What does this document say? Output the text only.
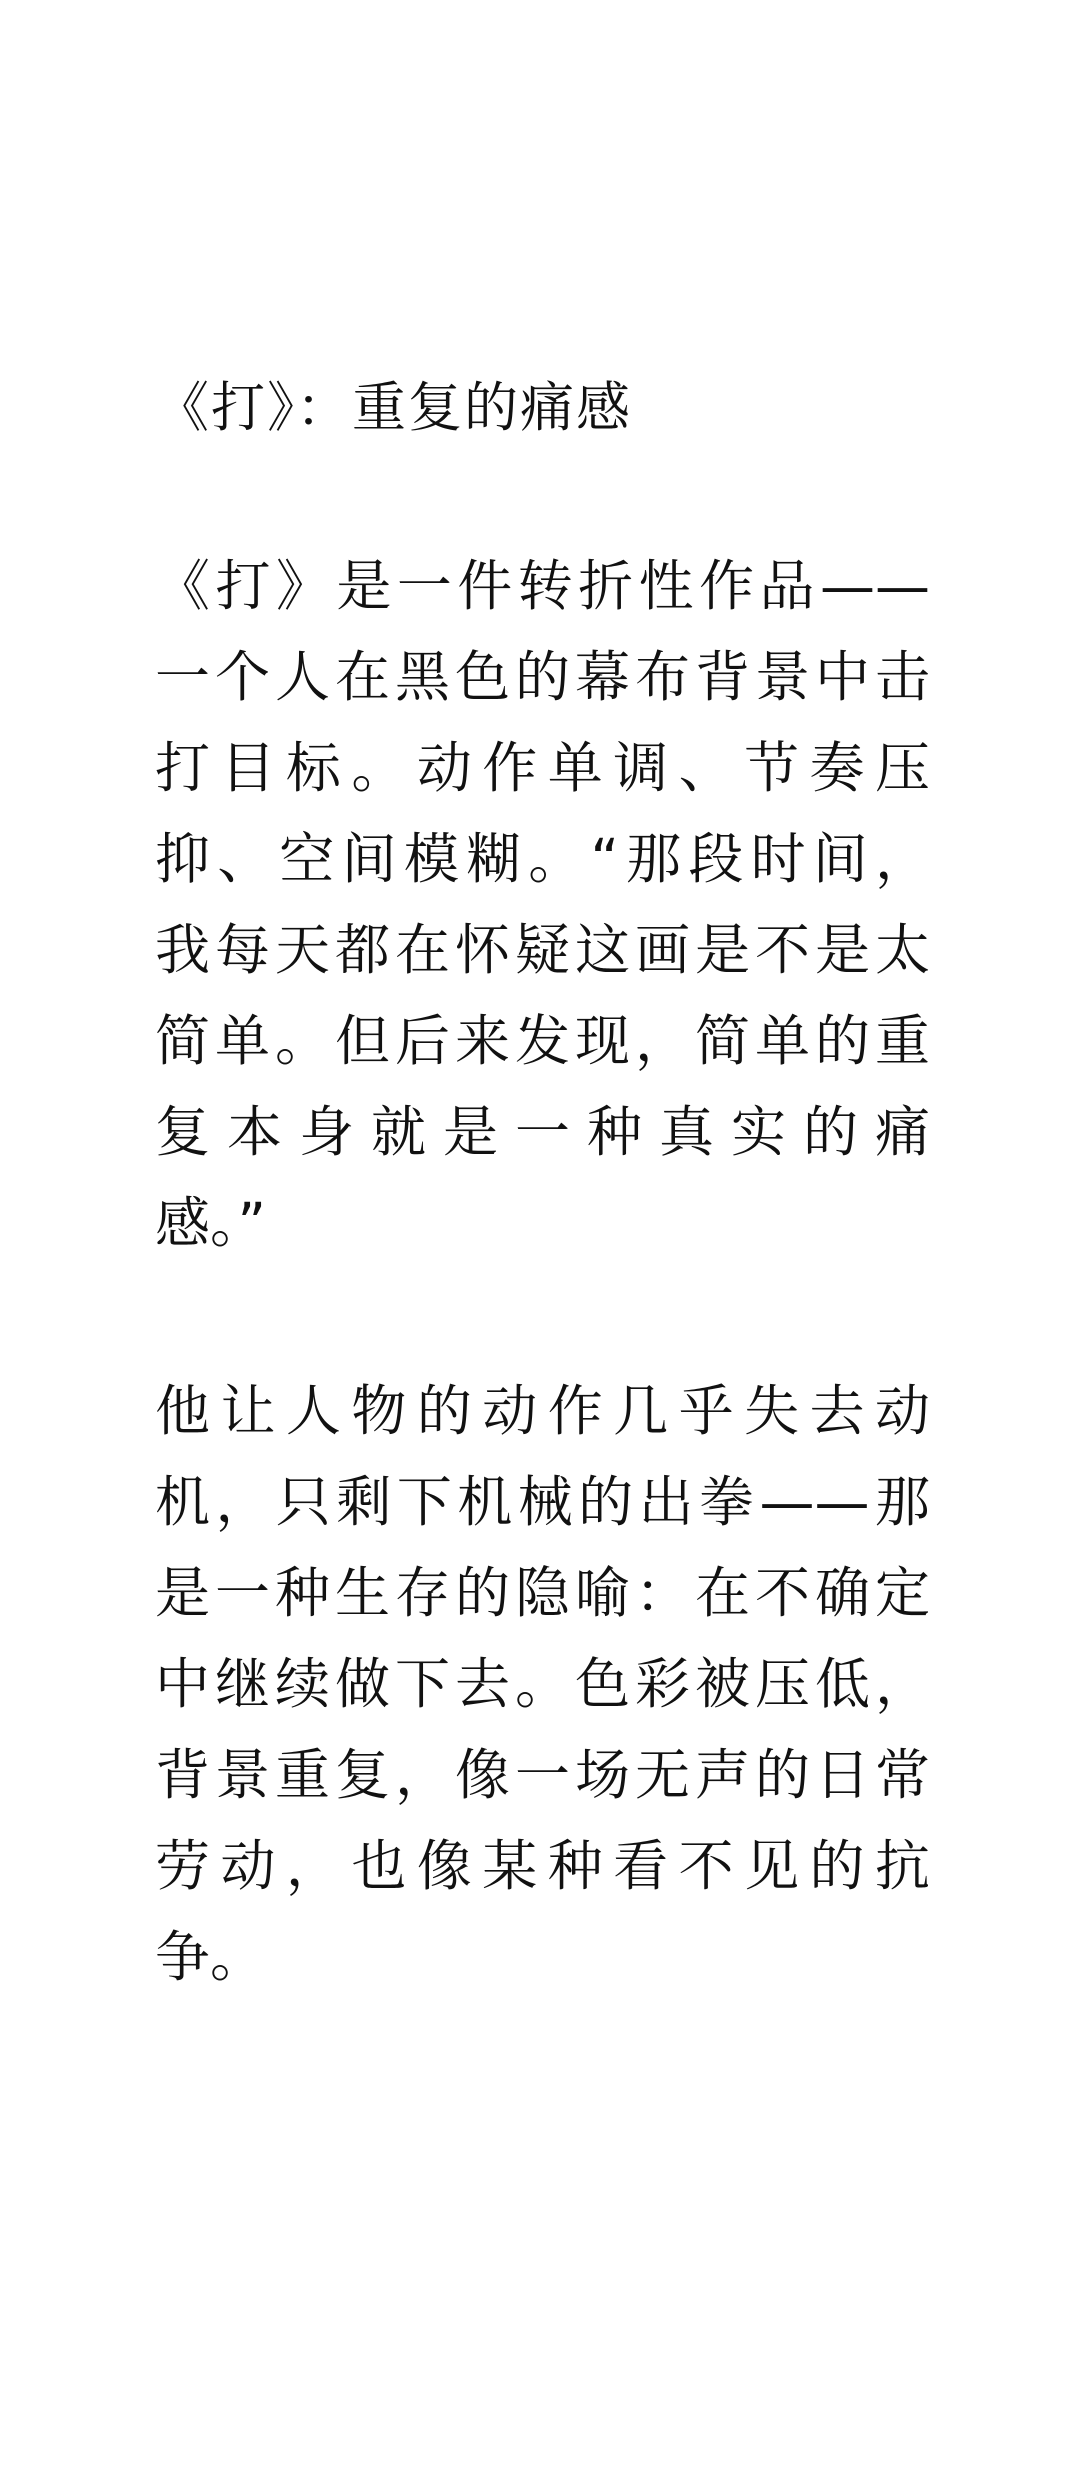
《打》：重复的痛感
《打》是一件转折性作品——
一个人在黑色的幕布背景中击
打目标。动作单调、节奏压
抑、空间模糊。“那段时间，
我每天都在怀疑这画是不是太
简单。但后来发现，简单的重
复本身就是一种真实的痛
感。”
他让人物的动作几乎失去动
机，只剩下机械的出拳——那
是一种生存的隐喻：在不确定
中继续做下去。色彩被压低，
背景重复，像一场无声的日常
劳动，也像某种看不见的抗
争。
